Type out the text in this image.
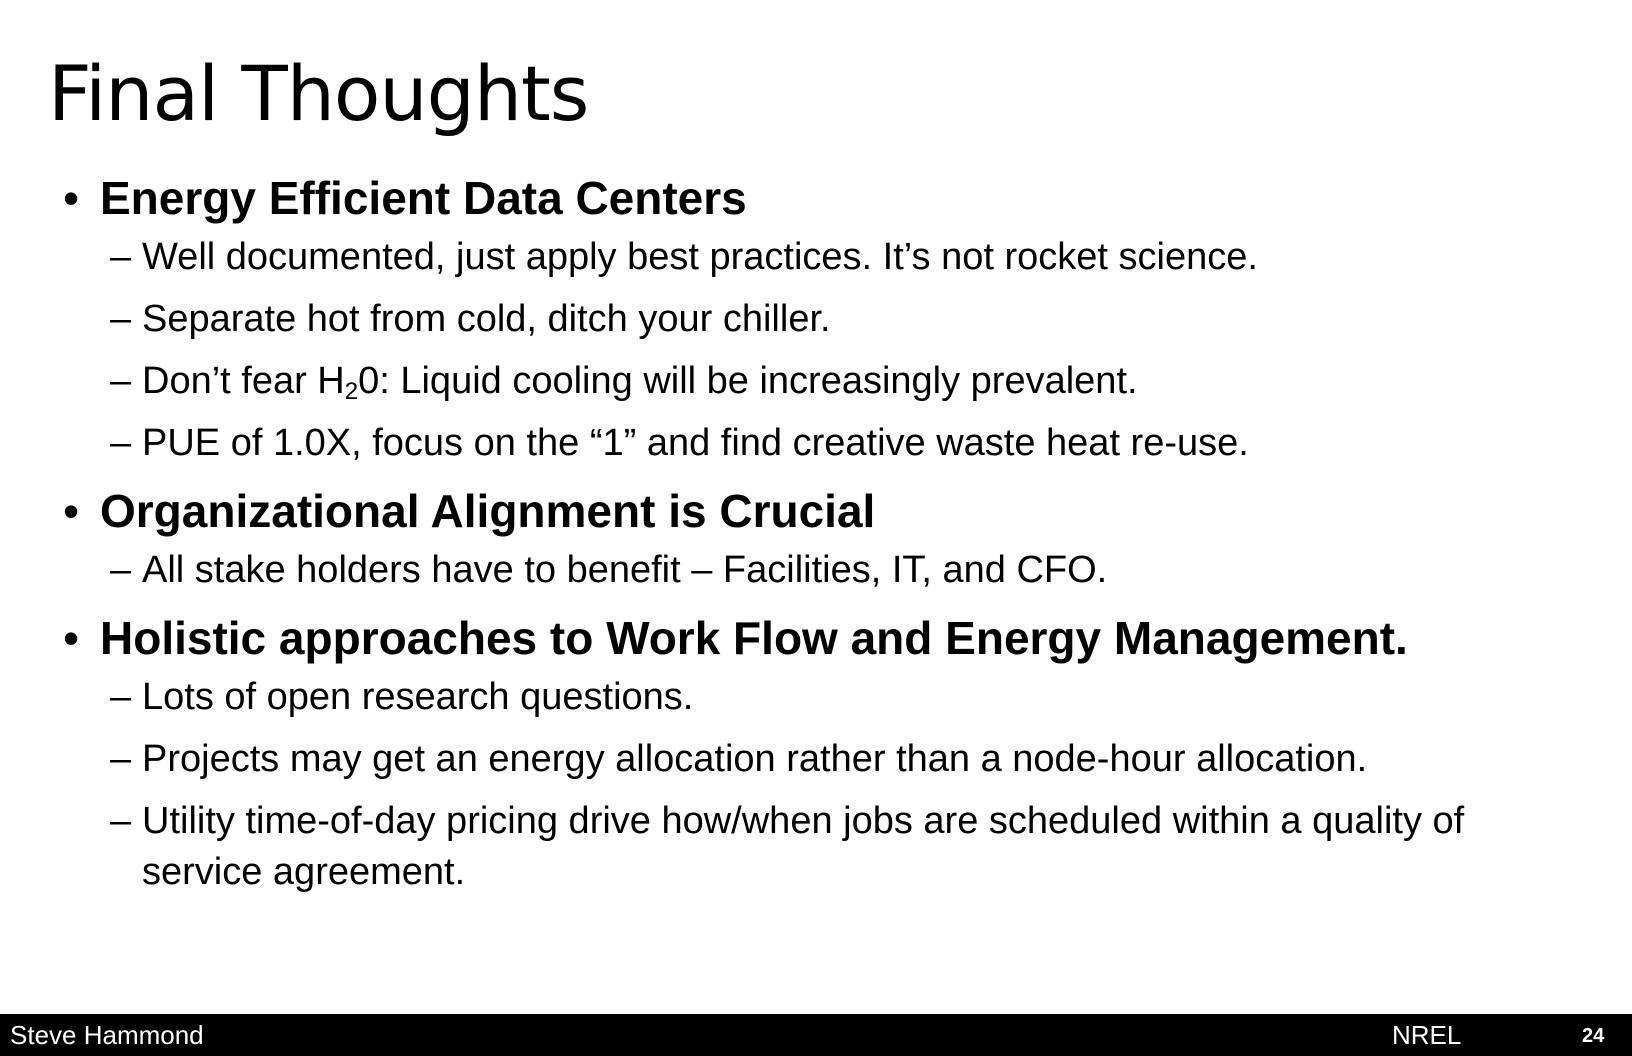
Final Thoughts
• Energy Efficient Data Centers
– Well documented, just apply best practices. It’s not rocket science.
– Separate hot from cold, ditch your chiller.
– Don’t fear $H_20$: Liquid cooling will be increasingly prevalent.
– PUE of 1.0X, focus on the “1” and find creative waste heat re-use.
• Organizational Alignment is Crucial
– All stake holders have to benefit – Facilities, IT, and CFO.
• Holistic approaches to Work Flow and Energy Management.
– Lots of open research questions.
– Projects may get an energy allocation rather than a node-hour allocation.
– Utility time-of-day pricing drive how/when jobs are scheduled within a quality of service agreement.
Steve Hammond	NREL	24
